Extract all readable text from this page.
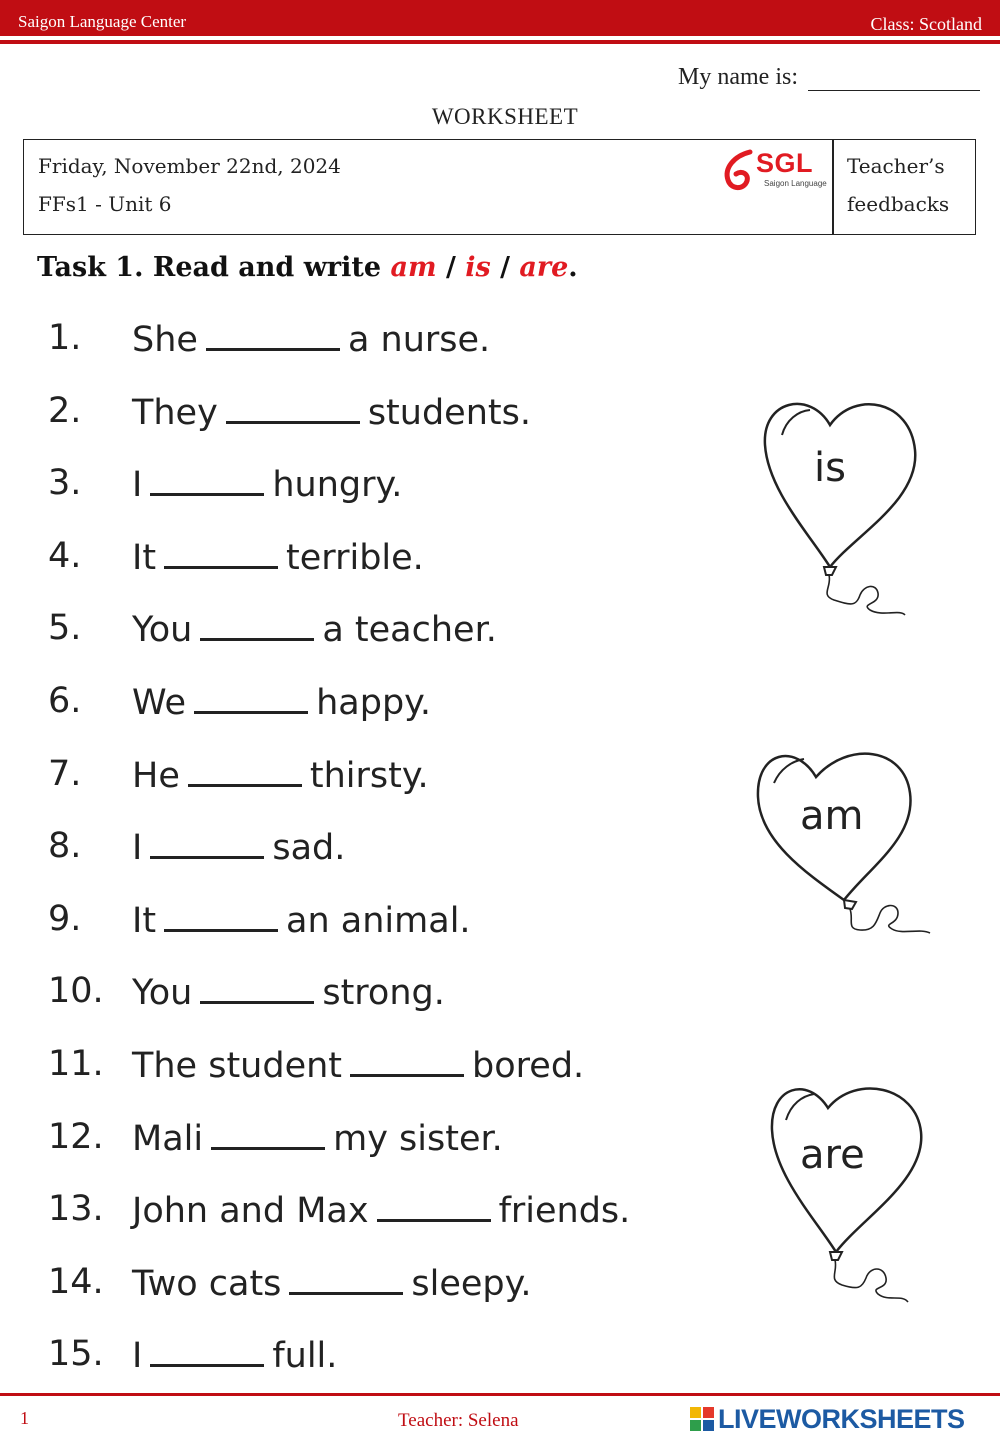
Saigon Language Center	Class: Scotland
My name is:
WORKSHEET
Friday, November 22nd, 2024
FFs1 - Unit 6
SGL
Saigon Language
Teacher’s
feedbacks
Task 1. Read and write am / is / are.
1. She	a nurse.
2. They	students.
3. I	hungry.
4. It	terrible.
5. You	a teacher.
6. We	happy.
7. He	thirsty.
8. I	sad.
9. It	an animal.
10. You	strong.
11. The student	bored.
12. Mali	my sister.
13. John and Max	friends.
14. Two cats	sleepy.
15. I	full.
is
am
are
1	Teacher: Selena	LIVEWORKSHEETS
